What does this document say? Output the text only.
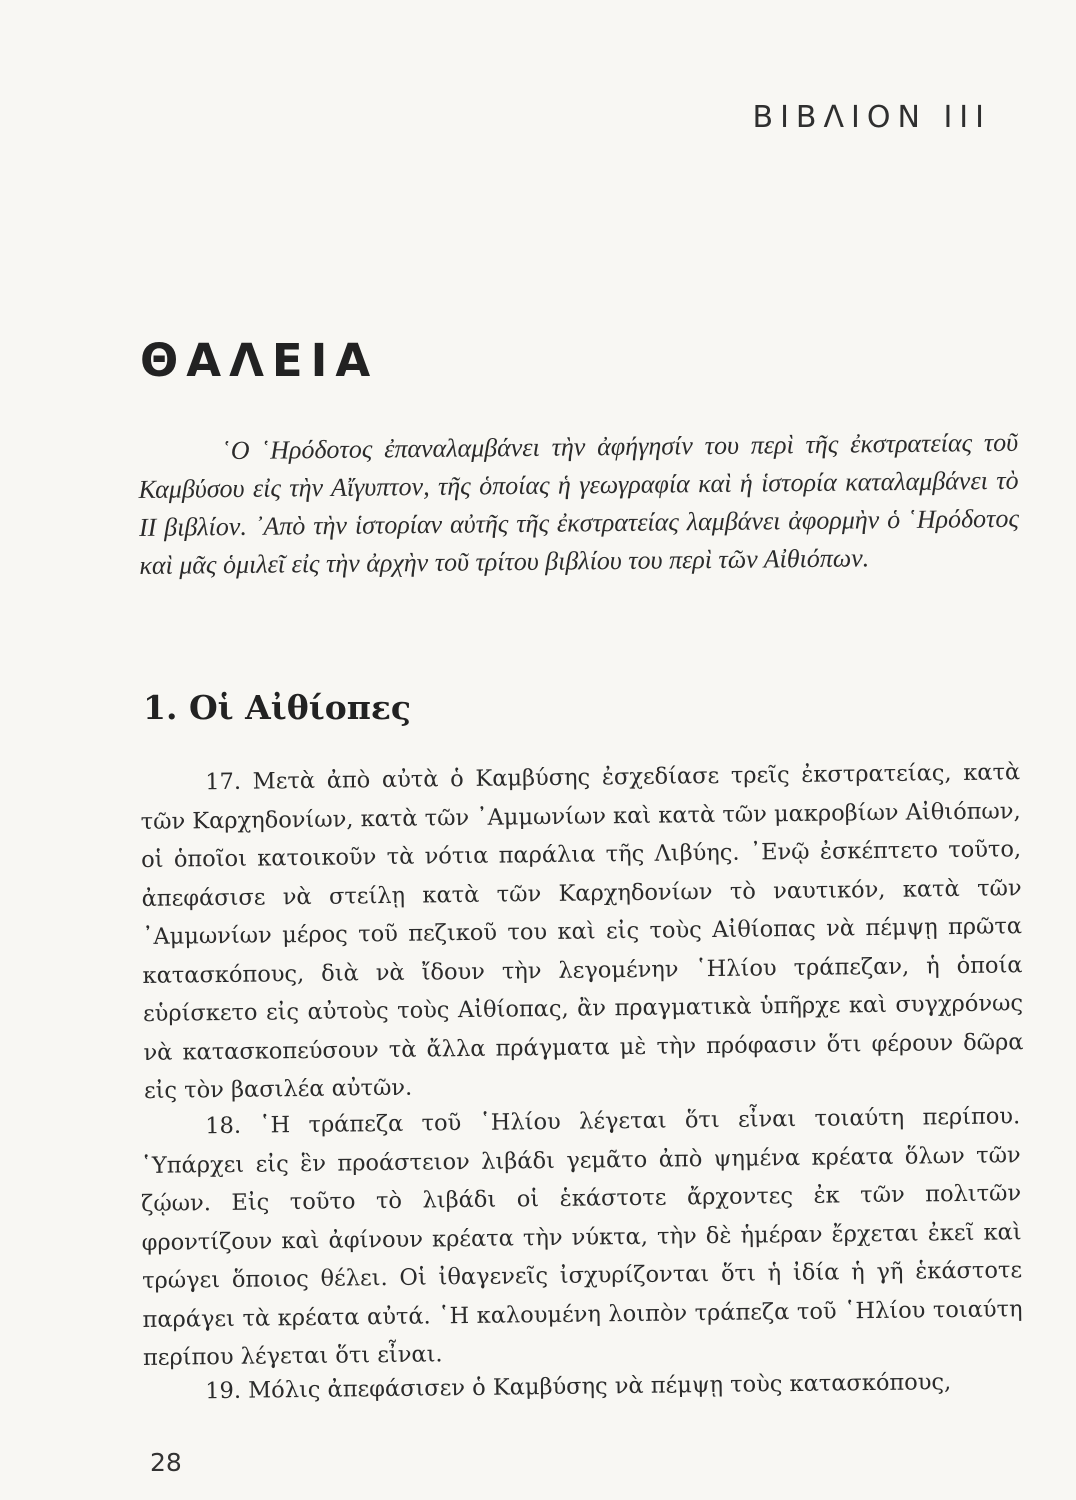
ΒΙΒΛΙΟΝ ΙΙΙ
ΘΑΛΕΙΑ

῾Ο ῾Ηρόδοτος ἐπαναλαμβάνει τὴν ἀφήγησίν του περὶ τῆς ἐκστρατείας τοῦ Καμβύσου εἰς τὴν Αἴγυπτον, τῆς ὁποίας ἡ γεωγραφία καὶ ἡ ἱστορία καταλαμβάνει τὸ ΙΙ βιβλίον. ᾿Απὸ τὴν ἱστορίαν αὐτῆς τῆς ἐκστρατείας λαμβάνει ἀφορμὴν ὁ ῾Ηρόδοτος καὶ μᾶς ὁμιλεῖ εἰς τὴν ἀρχὴν τοῦ τρίτου βιβλίου του περὶ τῶν Αἰθιόπων.

1. Οἱ Αἰθίοπες

17. Μετὰ ἀπὸ αὐτὰ ὁ Καμβύσης ἐσχεδίασε τρεῖς ἐκστρατείας, κατὰ τῶν Καρχηδονίων, κατὰ τῶν ᾿Αμμωνίων καὶ κατὰ τῶν μακροβίων Αἰθιόπων, οἱ ὁποῖοι κατοικοῦν τὰ νότια παράλια τῆς Λιβύης. ᾿Ενῷ ἐσκέπτετο τοῦτο, ἀπεφάσισε νὰ στείλῃ κατὰ τῶν Καρχηδονίων τὸ ναυτικόν, κατὰ τῶν ᾿Αμμωνίων μέρος τοῦ πεζικοῦ του καὶ εἰς τοὺς Αἰθίοπας νὰ πέμψῃ πρῶτα κατασκόπους, διὰ νὰ ἴδουν τὴν λεγομένην ῾Ηλίου τράπεζαν, ἡ ὁποία εὑρίσκετο εἰς αὐτοὺς τοὺς Αἰθίοπας, ἂν πραγματικὰ ὑπῆρχε καὶ συγχρόνως νὰ κατασκοπεύσουν τὰ ἄλλα πράγματα μὲ τὴν πρόφασιν ὅτι φέρουν δῶρα εἰς τὸν βασιλέα αὐτῶν.

18. ῾Η τράπεζα τοῦ ῾Ηλίου λέγεται ὅτι εἶναι τοιαύτη περίπου. ῾Υπάρχει εἰς ἓν προάστειον λιβάδι γεμᾶτο ἀπὸ ψημένα κρέατα ὅλων τῶν ζῴων. Εἰς τοῦτο τὸ λιβάδι οἱ ἑκάστοτε ἄρχοντες ἐκ τῶν πολιτῶν φροντίζουν καὶ ἀφίνουν κρέατα τὴν νύκτα, τὴν δὲ ἡμέραν ἔρχεται ἐκεῖ καὶ τρώγει ὅποιος θέλει. Οἱ ἰθαγενεῖς ἰσχυρίζονται ὅτι ἡ ἰδία ἡ γῆ ἑκάστοτε παράγει τὰ κρέατα αὐτά. ῾Η καλουμένη λοιπὸν τράπεζα τοῦ ῾Ηλίου τοιαύτη περίπου λέγεται ὅτι εἶναι.

19. Μόλις ἀπεφάσισεν ὁ Καμβύσης νὰ πέμψῃ τοὺς κατασκόπους,

28
